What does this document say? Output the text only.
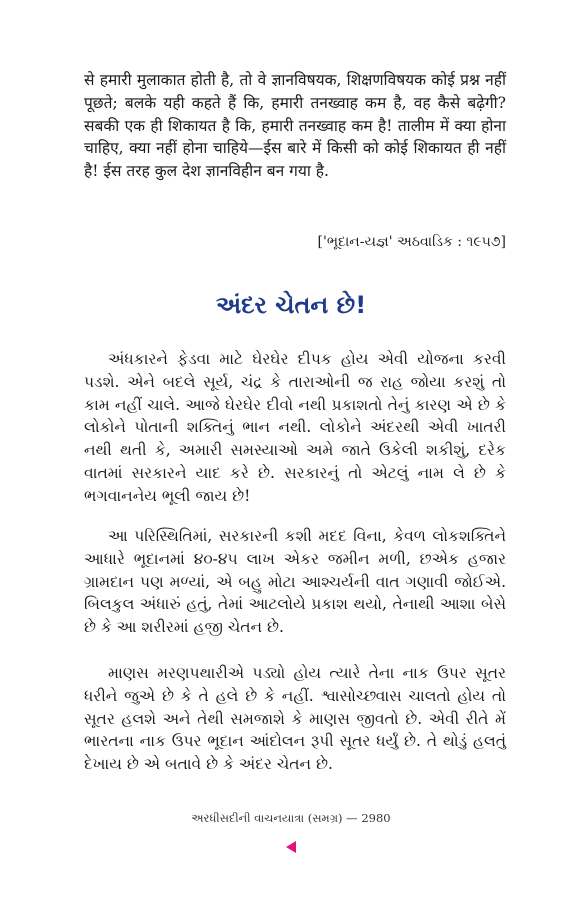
से हमारी मुलाकात होती है, तो वे ज्ञानविषयक, शिक्षणविषयक कोई प्रश्न नहीं पूछते; बलके यही कहते हैं कि, हमारी तनख्वाह कम है, वह कैसे बढ़ेगी? सबकी एक ही शिकायत है कि, हमारी तनख्वाह कम है! तालीम में क्या होना चाहिए, क्या नहीं होना चाहिये—ईस बारे में किसी को कोई शिकायत ही नहीं है! ईस तरह कुल देश ज्ञानविहीन बन गया है.

['ભૂદાન-યજ્ઞ' અઠવાડિક : ૧૯૫૭]

અંદર ચેતન છે!

અંધકારને ફેડવા માટે ઘેરઘેર દીપક હોય એવી યોજના કરવી પડશે. એને બદલે સૂર્ય, ચંદ્ર કે તારાઓની જ રાહ જોયા કરશું તો કામ નહીં ચાલે. આજે ઘેરઘેર દીવો નથી પ્રકાશતો તેનું કારણ એ છે કે લોકોને પોતાની શક્તિનું ભાન નથી. લોકોને અંદરથી એવી ખાતરી નથી થતી કે, અમારી સમસ્યાઓ અમે જાતે ઉકેલી શકીશું, દરેક વાતમાં સરકારને યાદ કરે છે. સરકારનું તો એટલું નામ લે છે કે ભગવાનનેય ભૂલી જાય છે!

આ પરિસ્થિતિમાં, સરકારની કશી મદદ વિના, કેવળ લોકશક્તિને આધારે ભૂદાનમાં ૪૦-૪૫ લાખ એકર જમીન મળી, છએક હજાર ગ્રામદાન પણ મળ્યાં, એ બહુ મોટા આશ્ચર્યની વાત ગણાવી જોઈએ. બિલકુલ અંધારું હતું, તેમાં આટલોયે પ્રકાશ થયો, તેનાથી આશા બેસે છે કે આ શરીરમાં હજી ચેતન છે.

માણસ મરણપથારીએ પડ્યો હોય ત્યારે તેના નાક ઉપર સૂતર ધરીને જુએ છે કે તે હલે છે કે નહીં. શ્વાસોચ્છ્વાસ ચાલતો હોય તો સૂતર હલશે અને તેથી સમજાશે કે માણસ જીવતો છે. એવી રીતે મેં ભારતના નાક ઉપર ભૂદાન આંદોલન રૂપી સૂતર ધર્યું છે. તે થોડું હલતું દેખાય છે એ બતાવે છે કે અંદર ચેતન છે.

અરધીસદીની વાચનયાત્રા (સમગ્ર) — 2980
